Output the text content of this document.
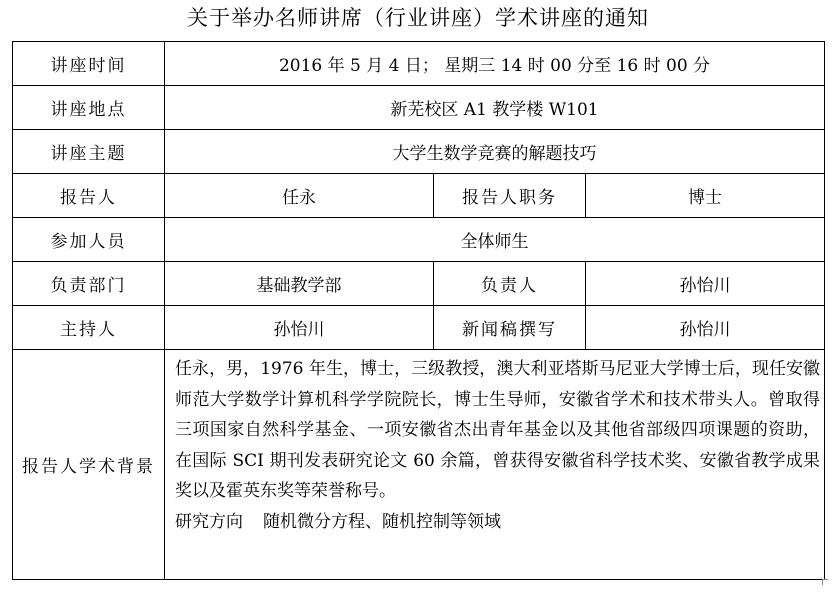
关于举办名师讲席（行业讲座）学术讲座的通知
讲座时间	2016 年 5 月 4 日； 星期三 14 时 00 分至 16 时 00 分		
讲座地点	新芜校区 A1 教学楼 W101		
讲座主题	大学生数学竞赛的解题技巧		
报告人	任永	报告人职务	博士
参加人员	全体师生		
负责部门	基础教学部	负责人	孙怡川
主持人	孙怡川	新闻稿撰写	孙怡川
报告人学术背景	任永，男，1976 年生，博士，三级教授，澳大利亚塔斯马尼亚大学博士后，现任安徽师范大学数学计算机科学学院院长，博士生导师，安徽省学术和技术带头人。曾取得三项国家自然科学基金、一项安徽省杰出青年基金以及其他省部级四项课题的资助，在国际 SCI 期刊发表研究论文 60 余篇，曾获得安徽省科学技术奖、安徽省教学成果奖以及霍英东奖等荣誉称号。
研究方向 随机微分方程、随机控制等领域		
